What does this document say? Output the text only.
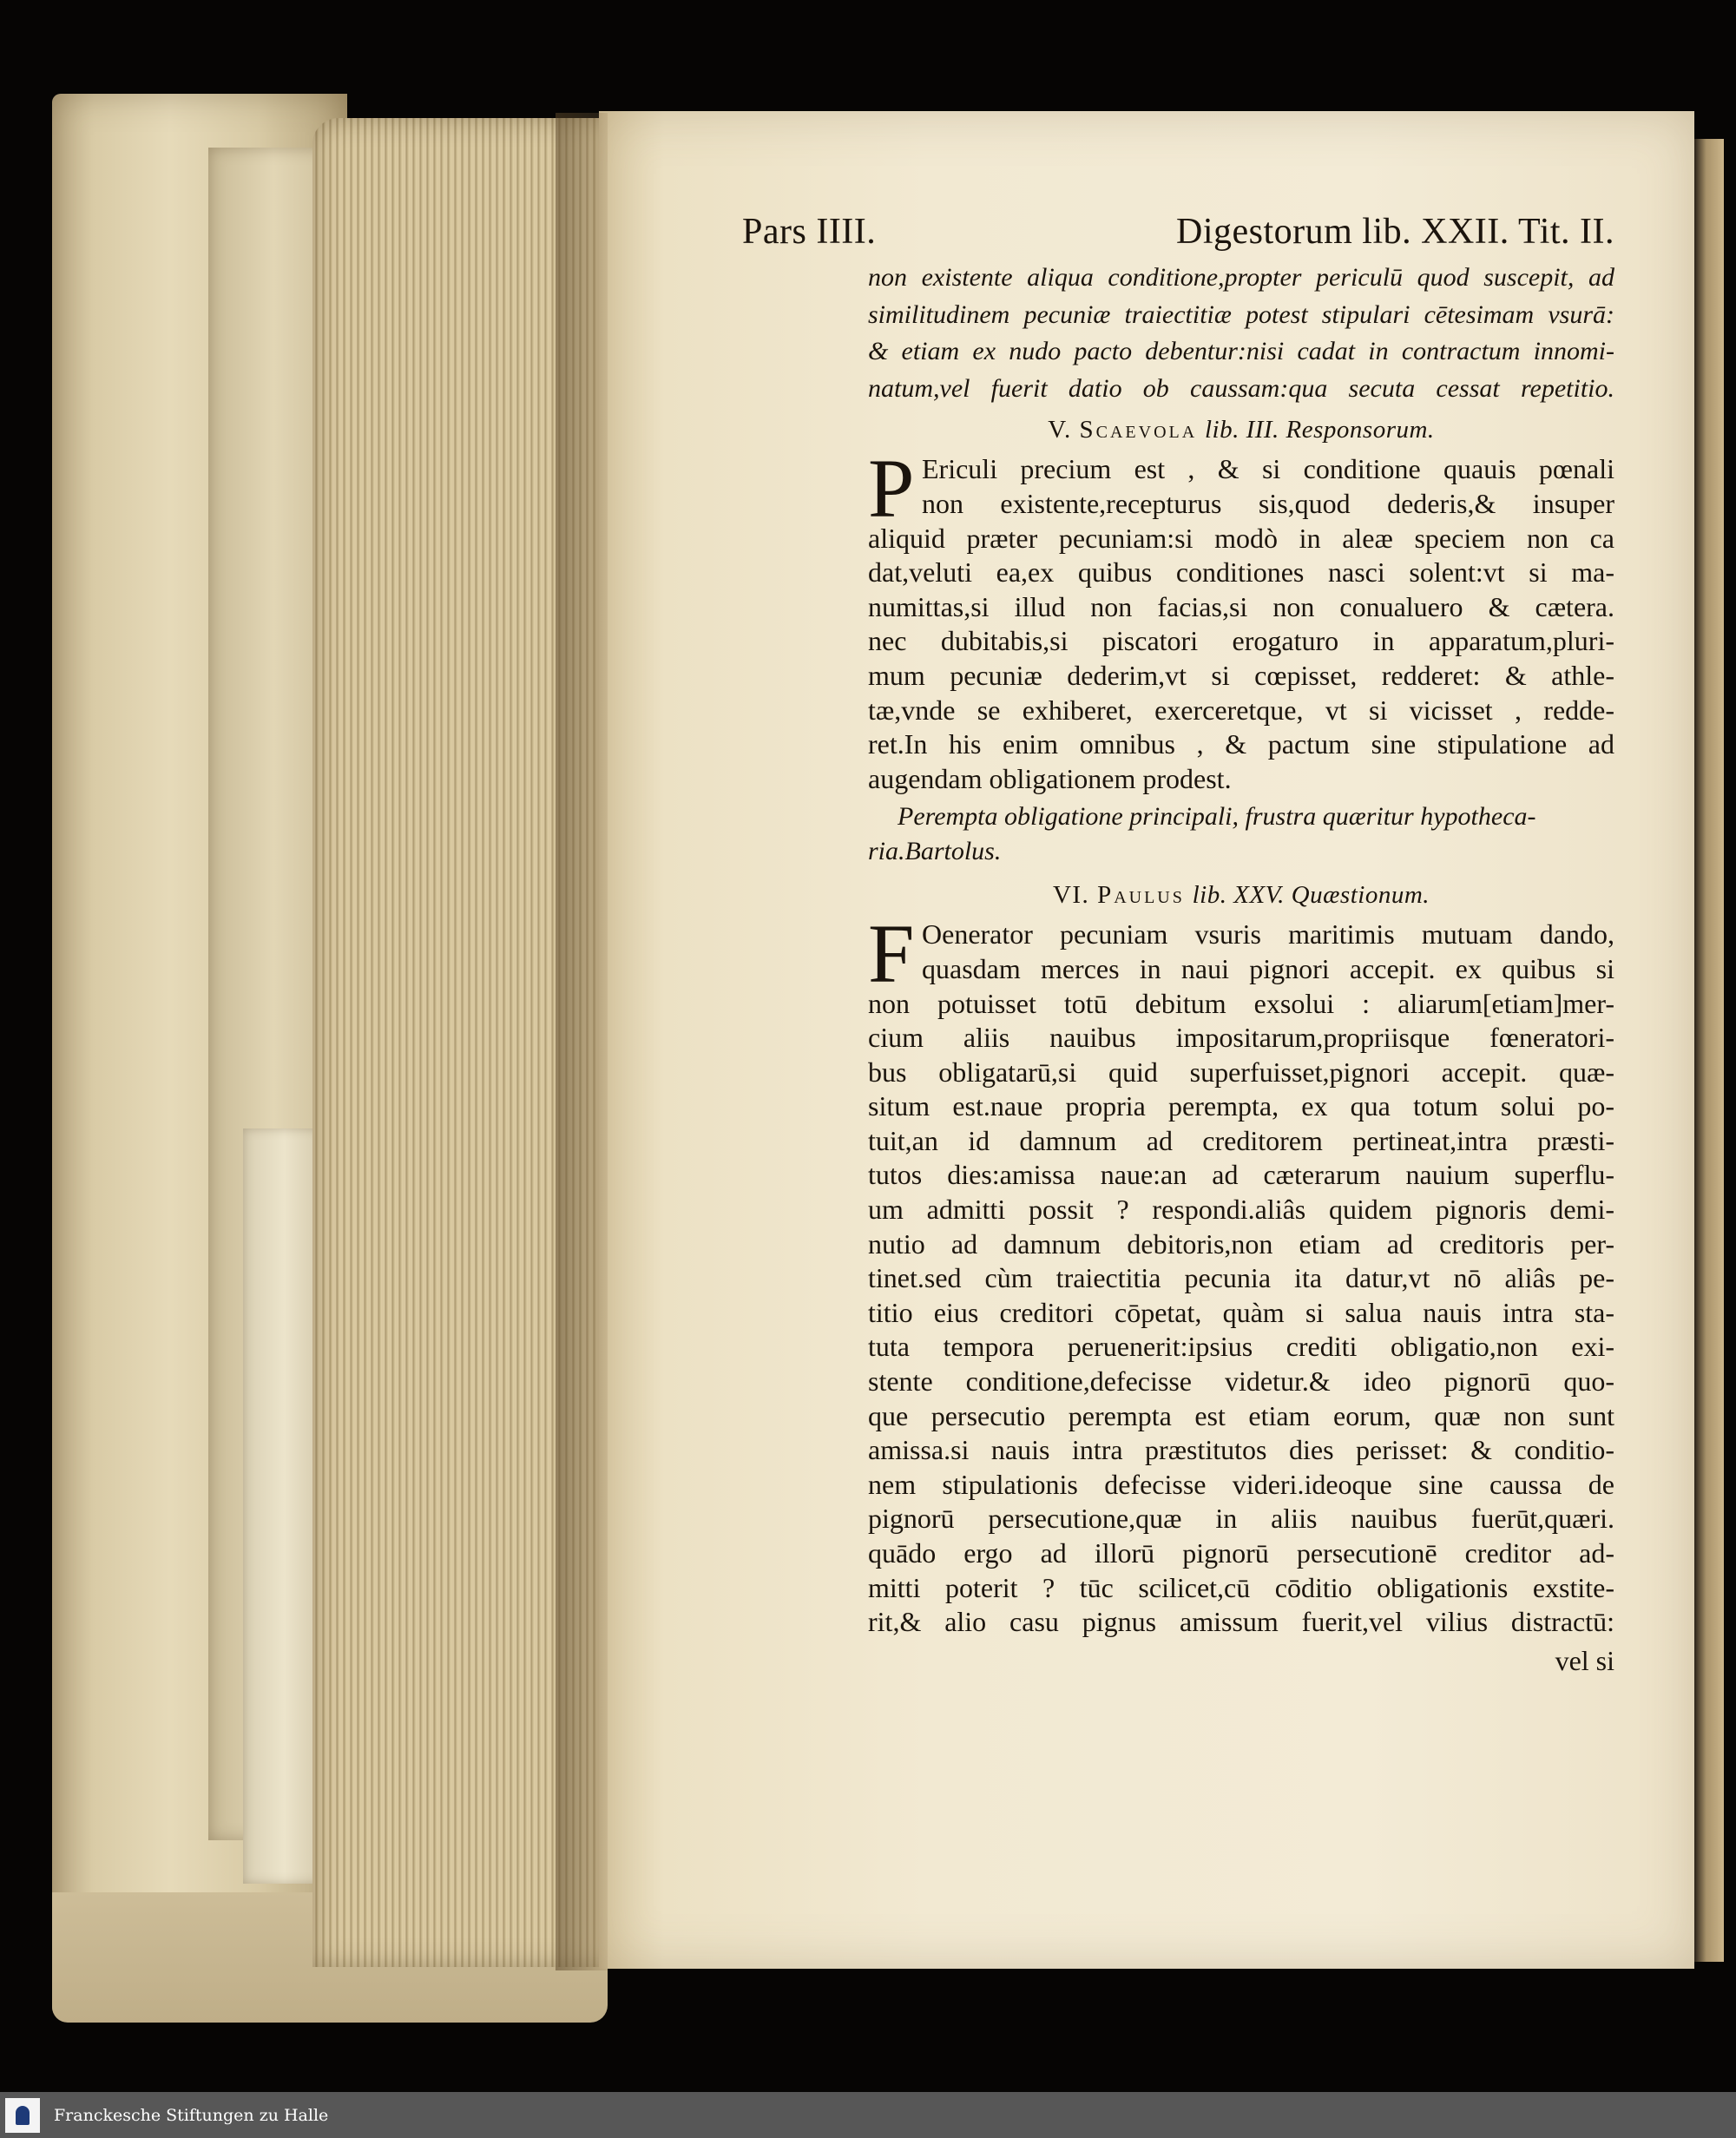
Pars IIII.	Digestorum lib. XXII. Tit. II.
non existente aliqua conditione,propter periculū quod suscepit, ad
similitudinem pecuniæ traiectitiæ potest stipulari cētesimam vsurā:
& etiam ex nudo pacto debentur:nisi cadat in contractum innomi-
natum,vel fuerit datio ob caussam:qua secuta cessat repetitio.
V. Scaevola lib. III. Responsorum.
P Ericuli precium est , & si conditione quauis pœnali
non existente,recepturus sis,quod dederis,& insuper
aliquid præter pecuniam:si modò in aleæ speciem non ca
dat,veluti ea,ex quibus conditiones nasci solent:vt si ma-
numittas,si illud non facias,si non conualuero & cætera.
nec dubitabis,si piscatori erogaturo in apparatum,pluri-
mum pecuniæ dederim,vt si cœpisset, redderet: & athle-
tæ,vnde se exhiberet, exerceretque, vt si vicisset , redde-
ret.In his enim omnibus , & pactum sine stipulatione ad
augendam obligationem prodest.
Perempta obligatione principali, frustra quæritur hypotheca-ria.Bartolus.
VI. Paulus lib. XXV. Quæstionum.
F Oenerator pecuniam vsuris maritimis mutuam dando,
quasdam merces in naui pignori accepit. ex quibus si
non potuisset totū debitum exsolui : aliarum[etiam]mer-
cium aliis nauibus impositarum,propriisque fœneratori-
bus obligatarū,si quid superfuisset,pignori accepit. quæ-
situm est.naue propria perempta, ex qua totum solui po-
tuit,an id damnum ad creditorem pertineat,intra præsti-
tutos dies:amissa naue:an ad cæterarum nauium superflu-
um admitti possit ? respondi.aliâs quidem pignoris demi-
nutio ad damnum debitoris,non etiam ad creditoris per-
tinet.sed cùm traiectitia pecunia ita datur,vt nō aliâs pe-
titio eius creditori cōpetat, quàm si salua nauis intra sta-
tuta tempora peruenerit:ipsius crediti obligatio,non exi-
stente conditione,defecisse videtur.& ideo pignorū quo-
que persecutio perempta est etiam eorum, quæ non sunt
amissa.si nauis intra præstitutos dies perisset: & conditio-
nem stipulationis defecisse videri.ideoque sine caussa de
pignorū persecutione,quæ in aliis nauibus fuerūt,quæri.
quādo ergo ad illorū pignorū persecutionē creditor ad-
mitti poterit ? tūc scilicet,cū cōditio obligationis exstite-
rit,& alio casu pignus amissum fuerit,vel vilius distractū:
vel si
Franckesche Stiftungen zu Halle
